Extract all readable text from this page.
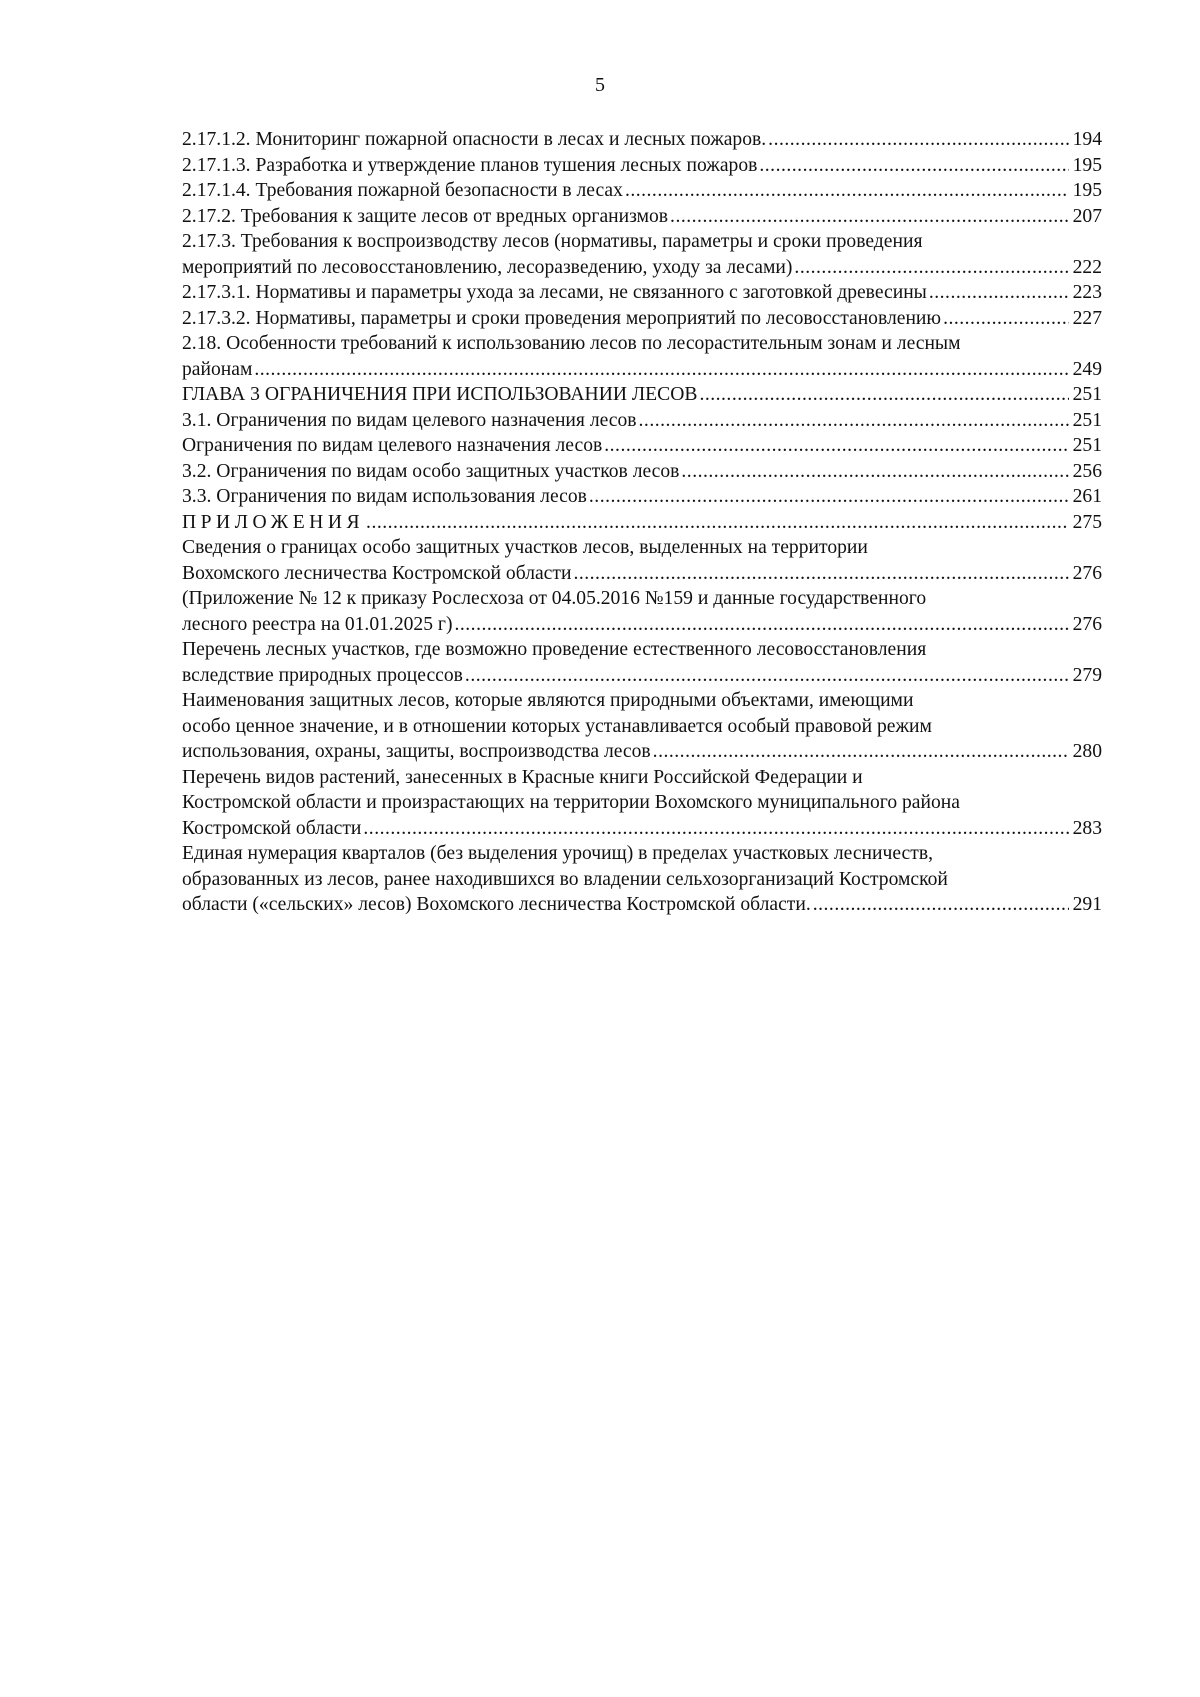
5
2.17.1.2. Мониторинг пожарной опасности в лесах и лесных пожаров. .....	194
2.17.1.3. Разработка и утверждение планов тушения лесных пожаров .....	195
2.17.1.4. Требования пожарной безопасности в лесах .....	195
2.17.2. Требования к защите лесов от вредных организмов .....	207
2.17.3. Требования к воспроизводству лесов (нормативы, параметры и сроки проведения
мероприятий по лесовосстановлению, лесоразведению, уходу за лесами) .....	222
2.17.3.1. Нормативы и параметры ухода за лесами, не связанного с заготовкой древесины .....	223
2.17.3.2. Нормативы, параметры и сроки проведения мероприятий по лесовосстановлению .....	227
2.18. Особенности требований к использованию лесов по лесорастительным зонам и лесным
районам .....	249
ГЛАВА 3 ОГРАНИЧЕНИЯ ПРИ ИСПОЛЬЗОВАНИИ ЛЕСОВ .....	251
3.1. Ограничения по видам целевого назначения лесов .....	251
Ограничения по видам целевого назначения лесов .....	251
3.2. Ограничения по видам особо защитных участков лесов .....	256
3.3. Ограничения по видам использования лесов .....	261
ПРИЛОЖЕНИЯ .....	275
Сведения о границах особо защитных участков лесов, выделенных на территории
Вохомского лесничества Костромской области .....	276
(Приложение № 12 к приказу Рослесхоза от 04.05.2016 №159 и данные государственного
лесного реестра на 01.01.2025 г) .....	276
Перечень лесных участков, где возможно проведение естественного лесовосстановления
вследствие природных процессов .....	279
Наименования защитных лесов, которые являются природными объектами, имеющими
особо ценное значение, и в отношении которых устанавливается особый правовой режим
использования, охраны, защиты, воспроизводства лесов .....	280
Перечень видов растений, занесенных в Красные книги Российской Федерации и
Костромской области и произрастающих на территории Вохомского муниципального района
Костромской области .....	283
Единая нумерация кварталов (без выделения урочищ) в пределах участковых лесничеств,
образованных из лесов, ранее находившихся во владении сельхозорганизаций Костромской
области («сельских» лесов) Вохомского лесничества Костромской области. .....	291
